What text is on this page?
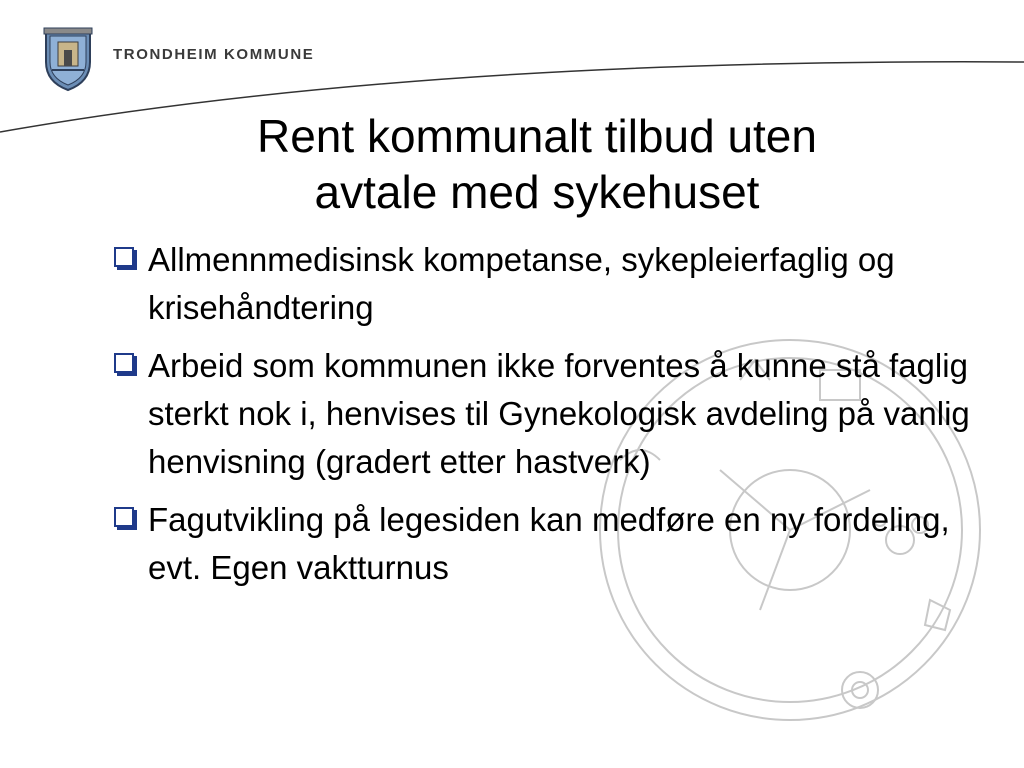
TRONDHEIM KOMMUNE
Rent kommunalt tilbud uten
avtale med sykehuset
Allmennmedisinsk kompetanse, sykepleierfaglig og krisehåndtering
Arbeid som kommunen ikke forventes å kunne stå faglig sterkt nok i, henvises til Gynekologisk avdeling på vanlig henvisning (gradert etter hastverk)
Fagutvikling på legesiden kan medføre en ny fordeling, evt. Egen vaktturnus
